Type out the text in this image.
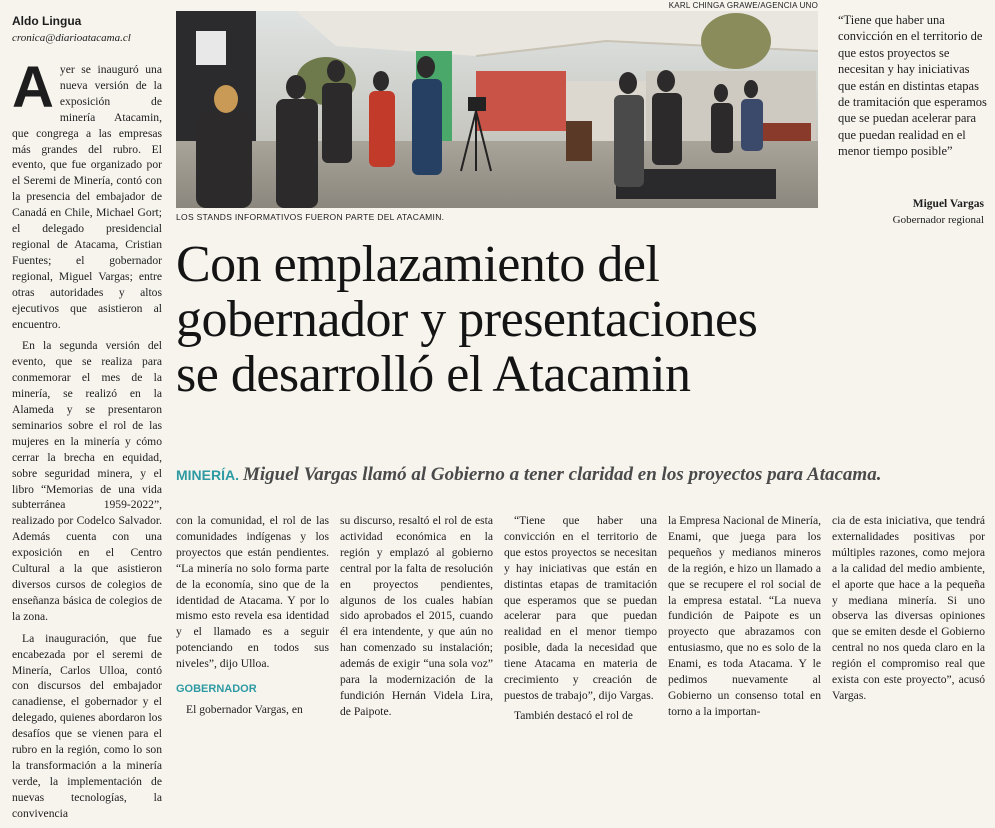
Aldo Lingua
cronica@diarioatacama.cl

Ayer se inauguró una nueva versión de la exposición de minería Atacamin, que congrega a las empresas más grandes del rubro. El evento, que fue organizado por el Seremi de Minería, contó con la presencia del embajador de Canadá en Chile, Michael Gort; el delegado presidencial regional de Atacama, Cristian Fuentes; el gobernador regional, Miguel Vargas; entre otras autoridades y altos ejecutivos que asistieron al encuentro.

En la segunda versión del evento, que se realiza para conmemorar el mes de la minería, se realizó en la Alameda y se presentaron seminarios sobre el rol de las mujeres en la minería y cómo cerrar la brecha en equidad, sobre seguridad minera, y el libro “Memorias de una vida subterránea 1959-2022”, realizado por Codelco Salvador. Además cuenta con una exposición en el Centro Cultural a la que asistieron diversos cursos de colegios de enseñanza básica de colegios de la zona.

La inauguración, que fue encabezada por el seremi de Minería, Carlos Ulloa, contó con discursos del embajador canadiense, el gobernador y el delegado, quienes abordaron los desafíos que se vienen para el rubro en la región, como lo son la transformación a la minería verde, la implementación de nuevas tecnologías, la convivencia

KARL CHINGA GRAWE/AGENCIA UNO
LOS STANDS INFORMATIVOS FUERON PARTE DEL ATACAMIN.
“Tiene que haber una convicción en el territorio de que estos proyectos se necesitan y hay iniciativas que están en distintas etapas de tramitación que esperamos que se puedan acelerar para que puedan realidad en el menor tiempo posible”
Miguel Vargas
Gobernador regional
Con emplazamiento del
gobernador y presentaciones
se desarrolló el Atacamin
MINERÍA. Miguel Vargas llamó al Gobierno a tener claridad en los proyectos para Atacama.

con la comunidad, el rol de las comunidades indígenas y los proyectos que están pendientes. “La minería no solo forma parte de la economía, sino que de la identidad de Atacama. Y por lo mismo esto revela esa identidad y el llamado es a seguir potenciando en todos sus niveles”, dijo Ulloa.

GOBERNADOR

El gobernador Vargas, en

su discurso, resaltó el rol de esta actividad económica en la región y emplazó al gobierno central por la falta de resolución en proyectos pendientes, algunos de los cuales habían sido aprobados el 2015, cuando él era intendente, y que aún no han comenzado su instalación; además de exigir “una sola voz” para la modernización de la fundición Hernán Videla Lira, de Paipote.

“Tiene que haber una convicción en el territorio de que estos proyectos se necesitan y hay iniciativas que están en distintas etapas de tramitación que esperamos que se puedan acelerar para que puedan realidad en el menor tiempo posible, dada la necesidad que tiene Atacama en materia de crecimiento y creación de puestos de trabajo”, dijo Vargas.

También destacó el rol de

la Empresa Nacional de Minería, Enami, que juega para los pequeños y medianos mineros de la región, e hizo un llamado a que se recupere el rol social de la empresa estatal. “La nueva fundición de Paipote es un proyecto que abrazamos con entusiasmo, que no es solo de la Enami, es toda Atacama. Y le pedimos nuevamente al Gobierno un consenso total en torno a la importan-

cia de esta iniciativa, que tendrá externalidades positivas por múltiples razones, como mejora a la calidad del medio ambiente, el aporte que hace a la pequeña y mediana minería. Si uno observa las diversas opiniones que se emiten desde el Gobierno central no nos queda claro en la región el compromiso real que exista con este proyecto”, acusó Vargas.
